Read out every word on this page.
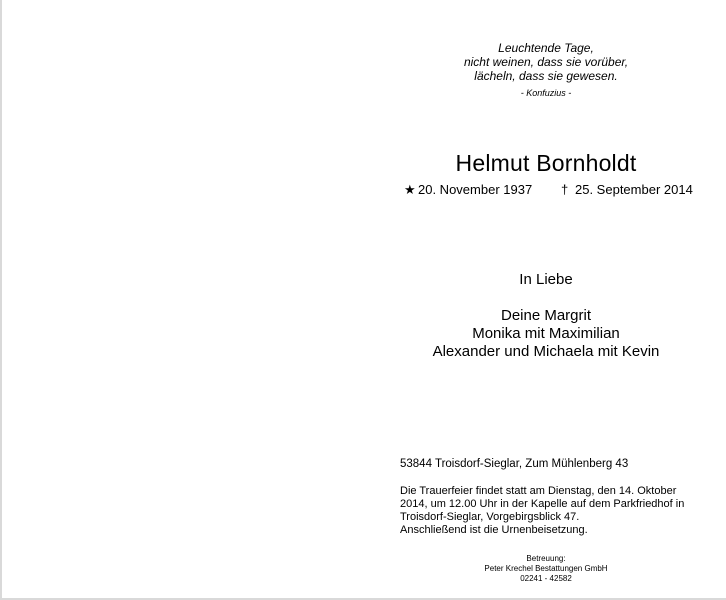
Leuchtende Tage,
nicht weinen, dass sie vorüber,
lächeln, dass sie gewesen.
- Konfuzius -
Helmut Bornholdt
★ 20. November 1937 † 25. September 2014
In Liebe
Deine Margrit
Monika mit Maximilian
Alexander und Michaela mit Kevin
53844 Troisdorf-Sieglar, Zum Mühlenberg 43
Die Trauerfeier findet statt am Dienstag, den 14. Oktober
2014, um 12.00 Uhr in der Kapelle auf dem Parkfriedhof in
Troisdorf-Sieglar, Vorgebirgsblick 47.
Anschließend ist die Urnenbeisetzung.
Betreuung:
Peter Krechel Bestattungen GmbH
02241 - 42582
